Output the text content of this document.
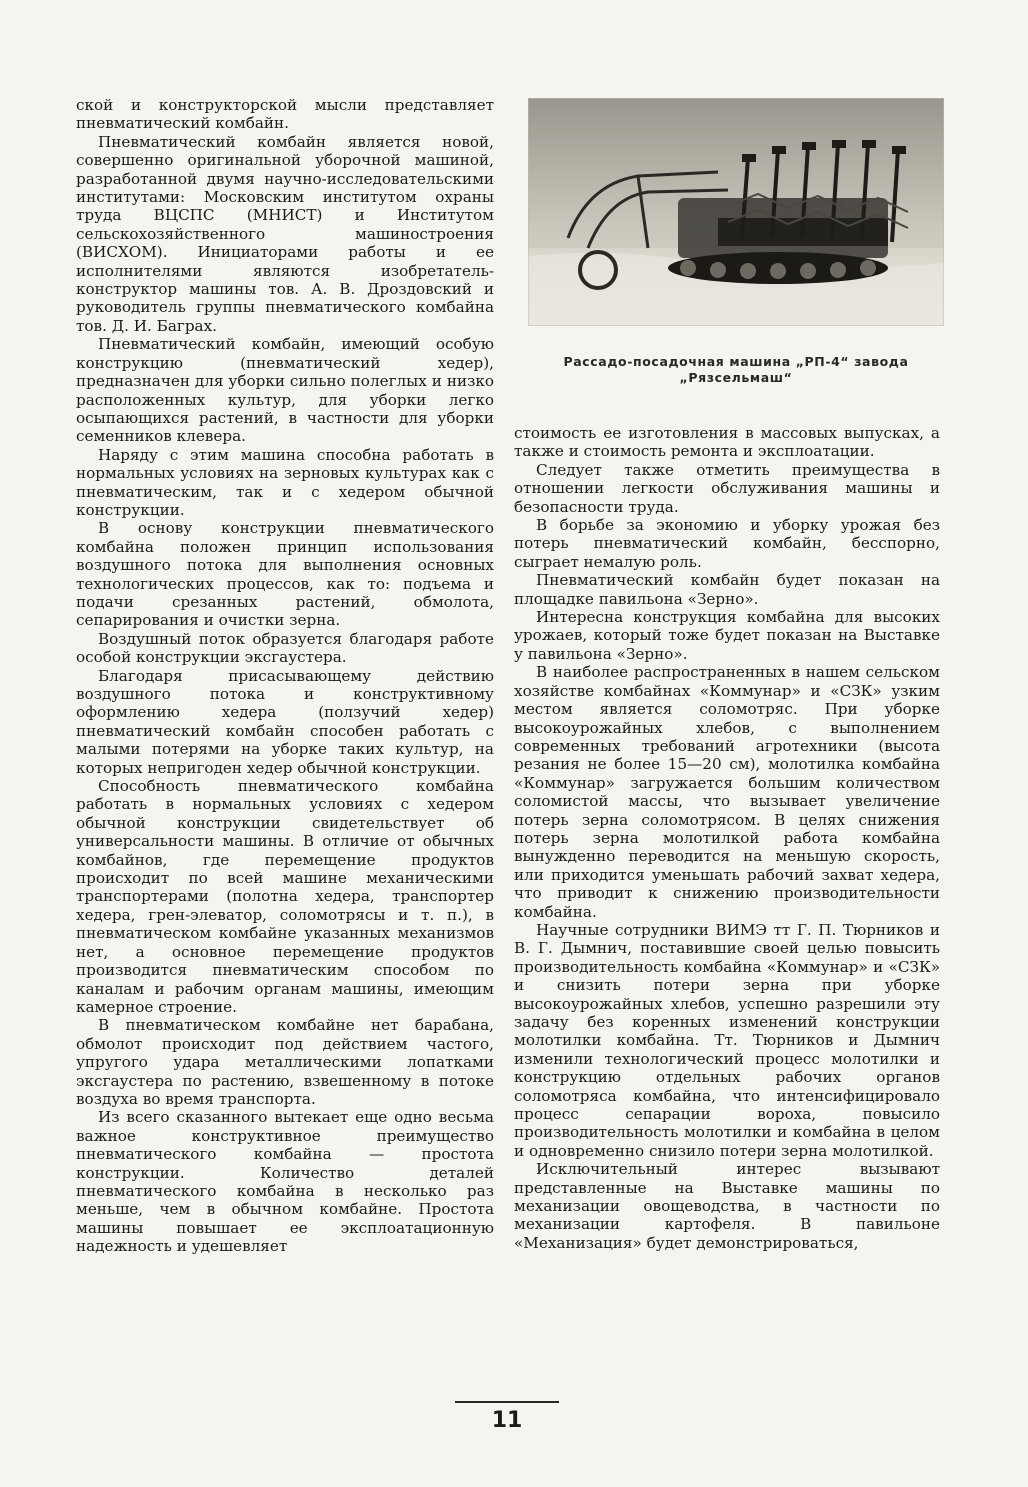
ской и конструкторской мысли представляет пневматический комбайн.

Пневматический комбайн является новой, совершенно оригинальной уборочной машиной, разработанной двумя научно-исследовательскими институтами: Московским институтом охраны труда ВЦСПС (МНИСТ) и Институтом сельскохозяйственного машиностроения (ВИСХОМ). Инициаторами работы и ее исполнителями являются изобретатель-конструктор машины тов. А. В. Дроздовский и руководитель группы пневматического комбайна тов. Д. И. Баграх.

Пневматический комбайн, имеющий особую конструкцию (пневматический хедер), предназначен для уборки сильно полеглых и низко расположенных культур, для уборки легко осыпающихся растений, в частности для уборки семенников клевера.

Наряду с этим машина способна работать в нормальных условиях на зерновых культурах как с пневматическим, так и с хедером обычной конструкции.

В основу конструкции пневматического комбайна положен принцип использования воздушного потока для выполнения основных технологических процессов, как то: подъема и подачи срезанных растений, обмолота, сепарирования и очистки зерна.

Воздушный поток образуется благодаря работе особой конструкции эксгаустера.

Благодаря присасывающему действию воздушного потока и конструктивному оформлению хедера (ползучий хедер) пневматический комбайн способен работать с малыми потерями на уборке таких культур, на которых непригоден хедер обычной конструкции.

Способность пневматического комбайна работать в нормальных условиях с хедером обычной конструкции свидетельствует об универсальности машины. В отличие от обычных комбайнов, где перемещение продуктов происходит по всей машине механическими транспортерами (полотна хедера, транспортер хедера, грен-элеватор, соломотрясы и т. п.), в пневматическом комбайне указанных механизмов нет, а основное перемещение продуктов производится пневматическим способом по каналам и рабочим органам машины, имеющим камерное строение.

В пневматическом комбайне нет барабана, обмолот происходит под действием частого, упругого удара металлическими лопатками эксгаустера по растению, взвешенному в потоке воздуха во время транспорта.

Из всего сказанного вытекает еще одно весьма важное конструктивное преимущество пневматического комбайна — простота конструкции. Количество деталей пневматического комбайна в несколько раз меньше, чем в обычном комбайне. Простота машины повышает ее эксплоатационную надежность и удешевляет

Рассадо-посадочная машина „РП-4“ завода „Рязсельмаш“

стоимость ее изготовления в массовых выпусках, а также и стоимость ремонта и эксплоатации.

Следует также отметить преимущества в отношении легкости обслуживания машины и безопасности труда.

В борьбе за экономию и уборку урожая без потерь пневматический комбайн, бесспорно, сыграет немалую роль.

Пневматический комбайн будет показан на площадке павильона «Зерно».

Интересна конструкция комбайна для высоких урожаев, который тоже будет показан на Выставке у павильона «Зерно».

В наиболее распространенных в нашем сельском хозяйстве комбайнах «Коммунар» и «СЗК» узким местом является соломотряс. При уборке высокоурожайных хлебов, с выполнением современных требований агротехники (высота резания не более 15—20 см), молотилка комбайна «Коммунар» загружается большим количеством соломистой массы, что вызывает увеличение потерь зерна соломотрясом. В целях снижения потерь зерна молотилкой работа комбайна вынужденно переводится на меньшую скорость, или приходится уменьшать рабочий захват хедера, что приводит к снижению производительности комбайна.

Научные сотрудники ВИМЭ тт Г. П. Тюрников и В. Г. Дымнич, поставившие своей целью повысить производительность комбайна «Коммунар» и «СЗК» и снизить потери зерна при уборке высокоурожайных хлебов, успешно разрешили эту задачу без коренных изменений конструкции молотилки комбайна. Тт. Тюрников и Дымнич изменили технологический процесс молотилки и конструкцию отдельных рабочих органов соломотряса комбайна, что интенсифицировало процесс сепарации вороха, повысило производительность молотилки и комбайна в целом и одновременно снизило потери зерна молотилкой.

Исключительный интерес вызывают представленные на Выставке машины по механизации овощеводства, в частности по механизации картофеля. В павильоне «Механизация» будет демонстрироваться,

11
